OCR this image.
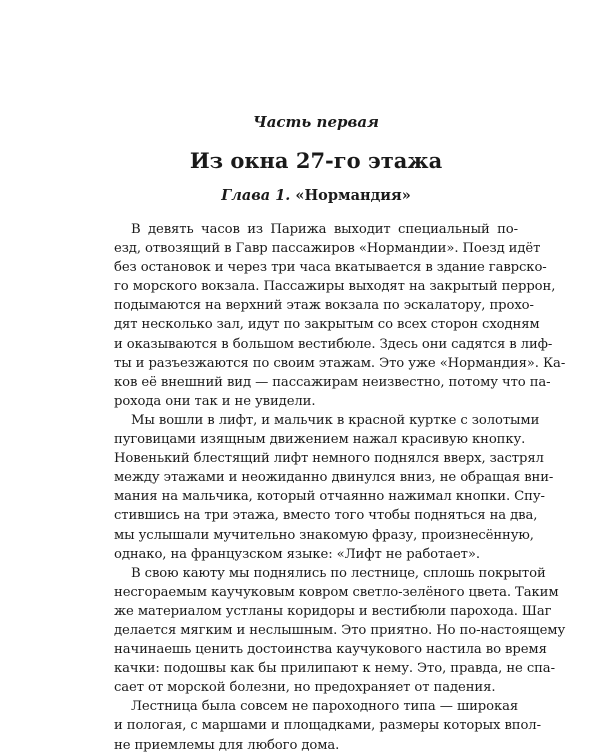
Часть первая
Из окна 27-го этажа
Глава 1. «Нормандия»
В девять часов из Парижа выходит специальный по-
езд, отвозящий в Гавр пассажиров «Нормандии». Поезд идёт
без остановок и через три часа вкатывается в здание гаврско-
го морского вокзала. Пассажиры выходят на закрытый перрон,
подымаются на верхний этаж вокзала по эскалатору, прохо-
дят несколько зал, идут по закрытым со всех сторон сходням
и оказываются в большом вестибюле. Здесь они садятся в лиф-
ты и разъезжаются по своим этажам. Это уже «Нормандия». Ка-
ков её внешний вид — пассажирам неизвестно, потому что па-
рохода они так и не увидели.
Мы вошли в лифт, и мальчик в красной куртке с золотыми
пуговицами изящным движением нажал красивую кнопку.
Новенький блестящий лифт немного поднялся вверх, застрял
между этажами и неожиданно двинулся вниз, не обращая вни-
мания на мальчика, который отчаянно нажимал кнопки. Спу-
стившись на три этажа, вместо того чтобы подняться на два,
мы услышали мучительно знакомую фразу, произнесённую,
однако, на французском языке: «Лифт не работает».
В свою каюту мы поднялись по лестнице, сплошь покрытой
несгораемым каучуковым ковром светло-зелёного цвета. Таким
же материалом устланы коридоры и вестибюли парохода. Шаг
делается мягким и неслышным. Это приятно. Но по-настоящему
начинаешь ценить достоинства каучукового настила во время
качки: подошвы как бы прилипают к нему. Это, правда, не спа-
сает от морской болезни, но предохраняет от падения.
Лестница была совсем не пароходного типа — широкая
и пологая, с маршами и площадками, размеры которых впол-
не приемлемы для любого дома.
